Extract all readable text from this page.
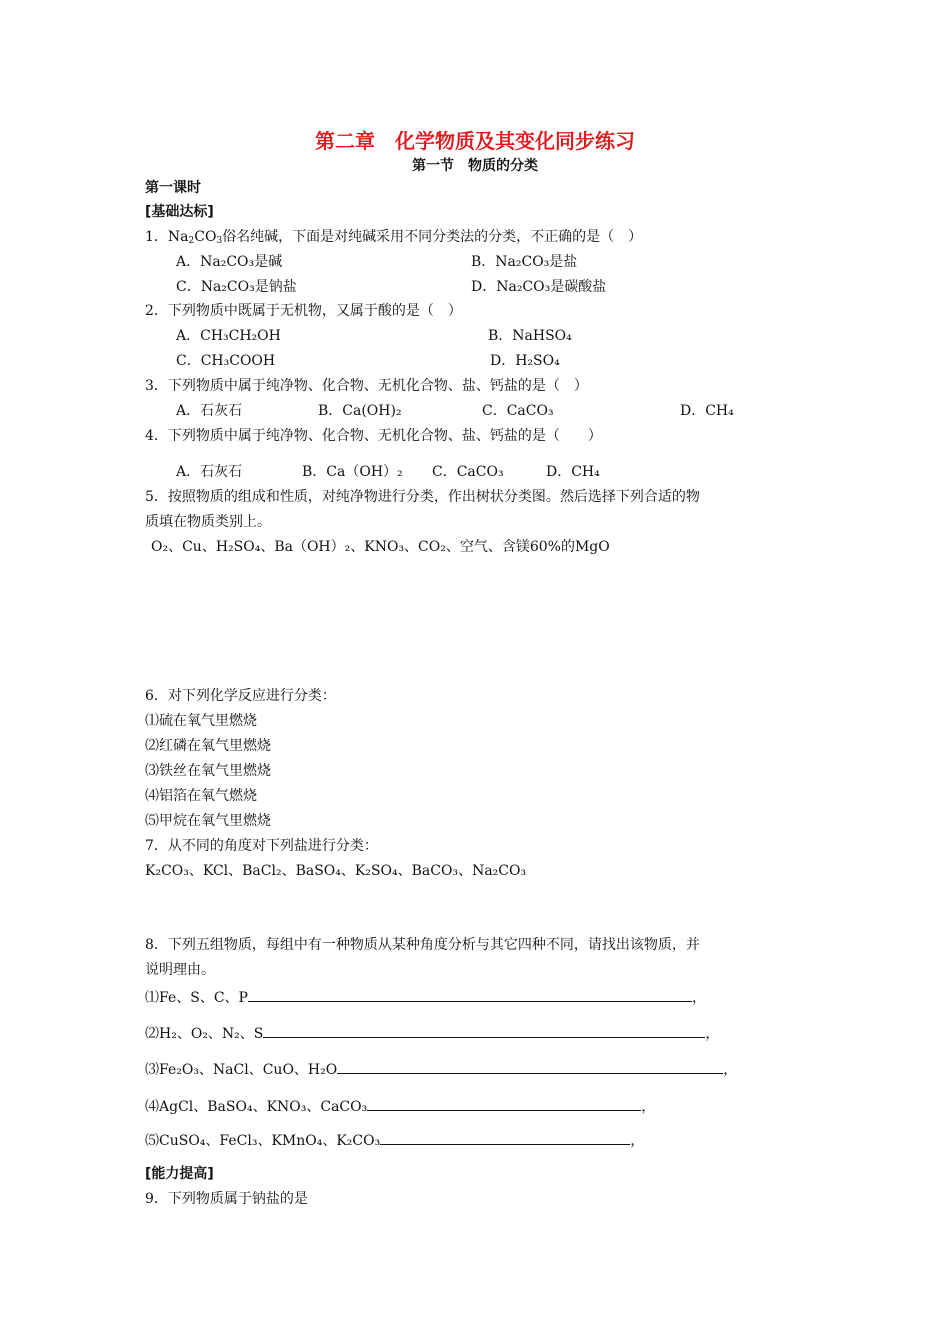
第二章　化学物质及其变化同步练习
第一节　物质的分类
第一课时
[基础达标]
1．$Na_2CO_3$俗名纯碱，下面是对纯碱采用不同分类法的分类，不正确的是（　）
A．Na₂CO₃是碱	B．Na₂CO₃是盐
C．Na₂CO₃是钠盐	D．Na₂CO₃是碳酸盐
2．下列物质中既属于无机物，又属于酸的是（　）
A．CH₃CH₂OH	B．NaHSO₄
C．CH₃COOH	D．H₂SO₄
3．下列物质中属于纯净物、化合物、无机化合物、盐、钙盐的是（　）
A．石灰石	B．Ca(OH)₂	C．CaCO₃	D．CH₄
4．下列物质中属于纯净物、化合物、无机化合物、盐、钙盐的是（　　）
A．石灰石	B．Ca（OH）₂ C．CaCO₃	D．CH₄
5．按照物质的组成和性质，对纯净物进行分类，作出树状分类图。然后选择下列合适的物
质填在物质类别上。
O₂、Cu、H₂SO₄、Ba（OH）₂、KNO₃、CO₂、空气、含镁60%的MgO
6．对下列化学反应进行分类：
⑴硫在氧气里燃烧
⑵红磷在氧气里燃烧
⑶铁丝在氧气里燃烧
⑷铝箔在氧气燃烧
⑸甲烷在氧气里燃烧
7．从不同的角度对下列盐进行分类：
K₂CO₃、KCl、BaCl₂、BaSO₄、K₂SO₄、BaCO₃、Na₂CO₃
8．下列五组物质，每组中有一种物质从某种角度分析与其它四种不同，请找出该物质，并
说明理由。
⑴Fe、S、C、P	，
⑵H₂、O₂、N₂、S	，
⑶Fe₂O₃、NaCl、CuO、H₂O	，
⑷AgCl、BaSO₄、KNO₃、CaCO₃	，
⑸CuSO₄、FeCl₃、KMnO₄、K₂CO₃	，
[能力提高]
9．下列物质属于钠盐的是
